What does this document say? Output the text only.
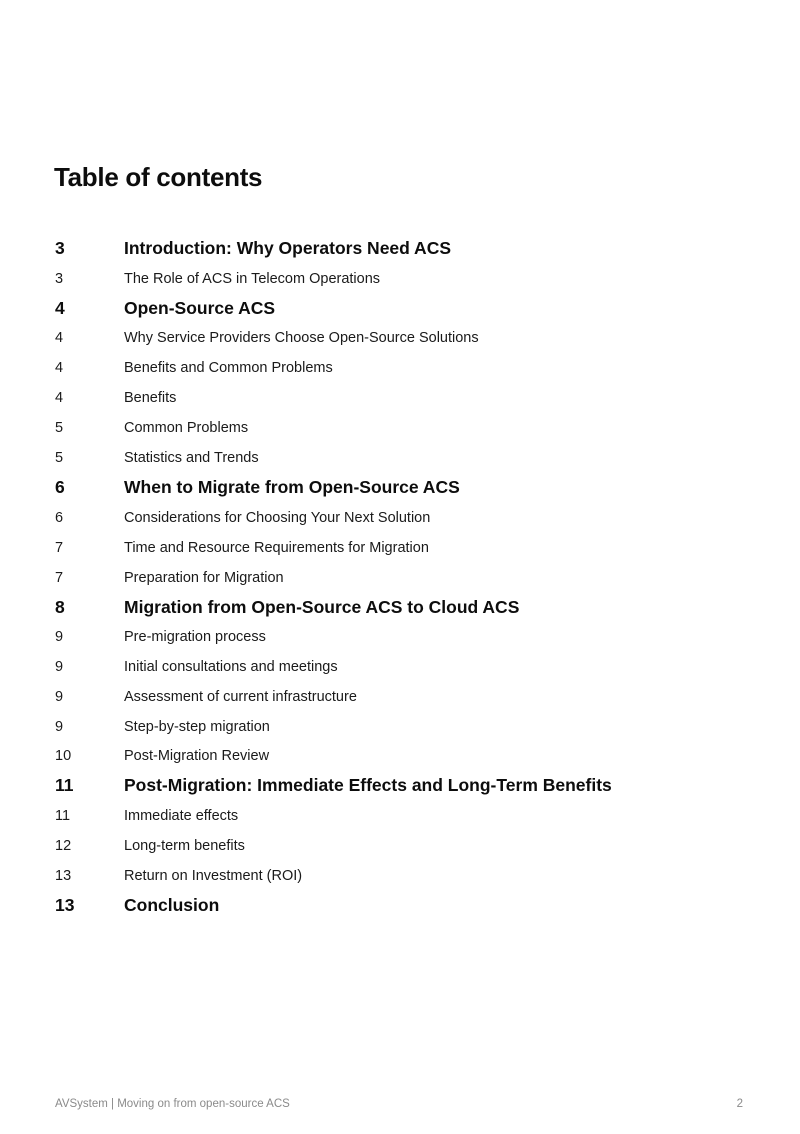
Table of contents
3	Introduction: Why Operators Need ACS
3	The Role of ACS in Telecom Operations
4	Open-Source ACS
4	Why Service Providers Choose Open-Source Solutions
4	Benefits and Common Problems
4	Benefits
5	Common Problems
5	Statistics and Trends
6	When to Migrate from Open-Source ACS
6	Considerations for Choosing Your Next Solution
7	Time and Resource Requirements for Migration
7	Preparation for Migration
8	Migration from Open-Source ACS to Cloud ACS
9	Pre-migration process
9	Initial consultations and meetings
9	Assessment of current infrastructure
9	Step-by-step migration
10	Post-Migration Review
11	Post-Migration: Immediate Effects and Long-Term Benefits
11	Immediate effects
12	Long-term benefits
13	Return on Investment (ROI)
13	Conclusion
AVSystem | Moving on from open-source ACS	2
